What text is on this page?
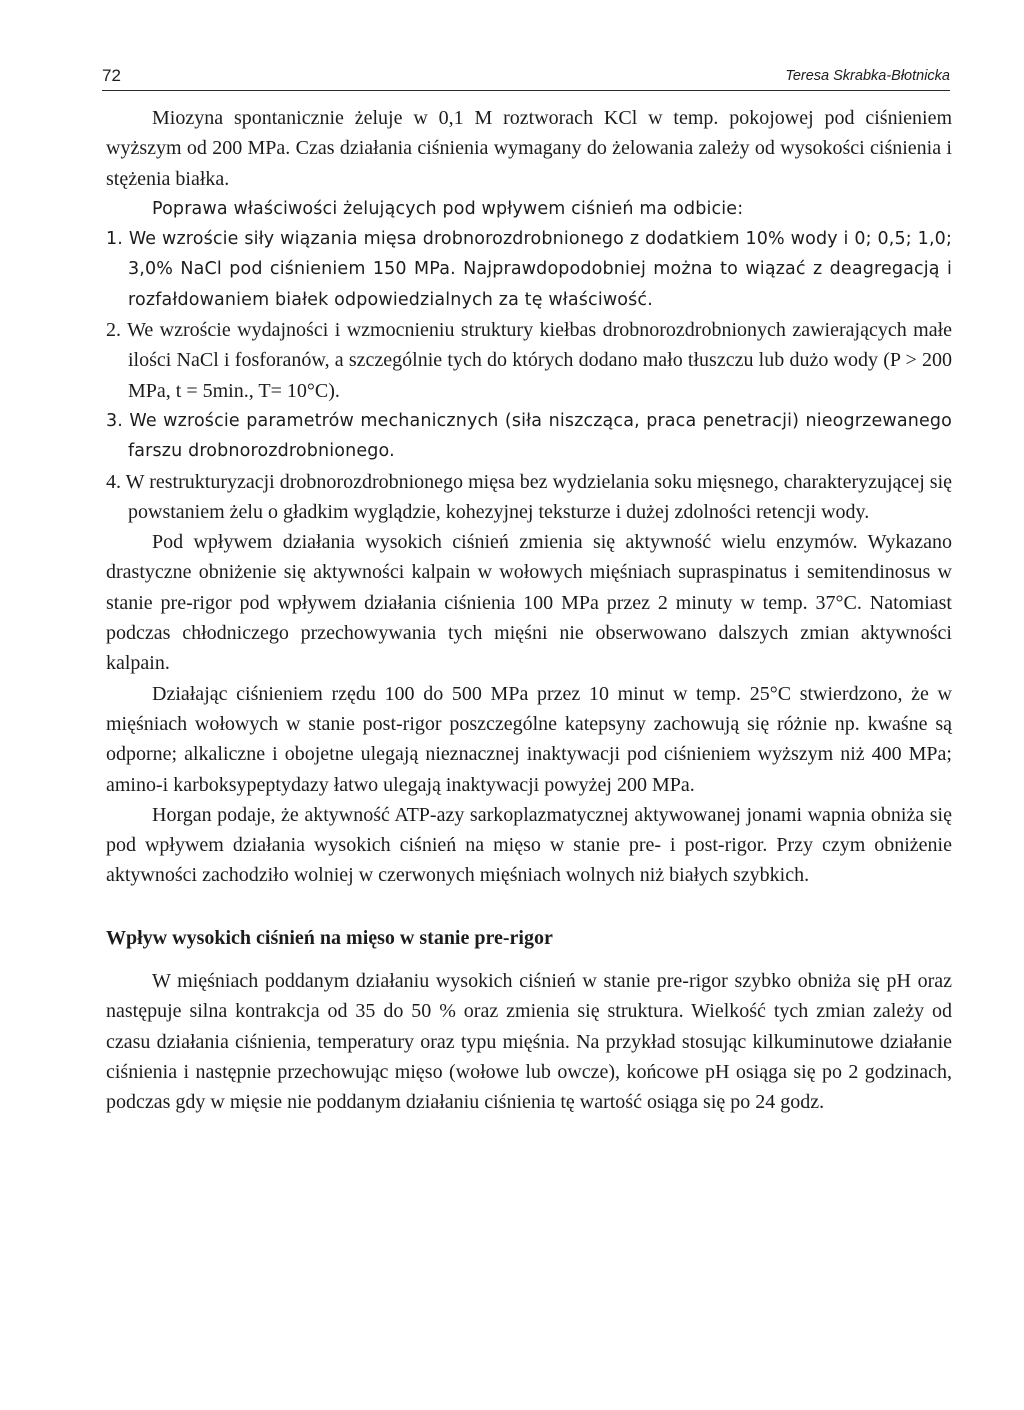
72	Teresa Skrabka-Błotnicka

Miozyna spontanicznie żeluje w 0,1 M roztworach KCl w temp. pokojowej pod ciśnieniem wyższym od 200 MPa. Czas działania ciśnienia wymagany do żelowania zależy od wysokości ciśnienia i stężenia białka.

Poprawa właściwości żelujących pod wpływem ciśnień ma odbicie:

1. We wzroście siły wiązania mięsa drobnorozdrobnionego z dodatkiem 10% wody i 0; 0,5; 1,0; 3,0% NaCl pod ciśnieniem 150 MPa. Najprawdopodobniej można to wiązać z deagregacją i rozfałdowaniem białek odpowiedzialnych za tę właściwość.

2. We wzroście wydajności i wzmocnieniu struktury kiełbas drobnorozdrobnionych zawierających małe ilości NaCl i fosforanów, a szczególnie tych do których dodano mało tłuszczu lub dużo wody (P > 200 MPa, t = 5min., T= 10°C).

3. We wzroście parametrów mechanicznych (siła niszcząca, praca penetracji) nieogrzewanego farszu drobnorozdrobnionego.

4. W restrukturyzacji drobnorozdrobnionego mięsa bez wydzielania soku mięsnego, charakteryzującej się powstaniem żelu o gładkim wyglądzie, kohezyjnej teksturze i dużej zdolności retencji wody.

Pod wpływem działania wysokich ciśnień zmienia się aktywność wielu enzymów. Wykazano drastyczne obniżenie się aktywności kalpain w wołowych mięśniach supraspinatus i semitendinosus w stanie pre-rigor pod wpływem działania ciśnienia 100 MPa przez 2 minuty w temp. 37°C. Natomiast podczas chłodniczego przechowywania tych mięśni nie obserwowano dalszych zmian aktywności kalpain.

Działając ciśnieniem rzędu 100 do 500 MPa przez 10 minut w temp. 25°C stwierdzono, że w mięśniach wołowych w stanie post-rigor poszczególne katepsyny zachowują się różnie np. kwaśne są odporne; alkaliczne i obojetne ulegają nieznacznej inaktywacji pod ciśnieniem wyższym niż 400 MPa; amino-i karboksypeptydazy łatwo ulegają inaktywacji powyżej 200 MPa.

Horgan podaje, że aktywność ATP-azy sarkoplazmatycznej aktywowanej jonami wapnia obniża się pod wpływem działania wysokich ciśnień na mięso w stanie pre- i post-rigor. Przy czym obniżenie aktywności zachodziło wolniej w czerwonych mięśniach wolnych niż białych szybkich.

Wpływ wysokich ciśnień na mięso w stanie pre-rigor

W mięśniach poddanym działaniu wysokich ciśnień w stanie pre-rigor szybko obniża się pH oraz następuje silna kontrakcja od 35 do 50 % oraz zmienia się struktura. Wielkość tych zmian zależy od czasu działania ciśnienia, temperatury oraz typu mięśnia. Na przykład stosując kilkuminutowe działanie ciśnienia i następnie przechowując mięso (wołowe lub owcze), końcowe pH osiąga się po 2 godzinach, podczas gdy w mięsie nie poddanym działaniu ciśnienia tę wartość osiąga się po 24 godz.
